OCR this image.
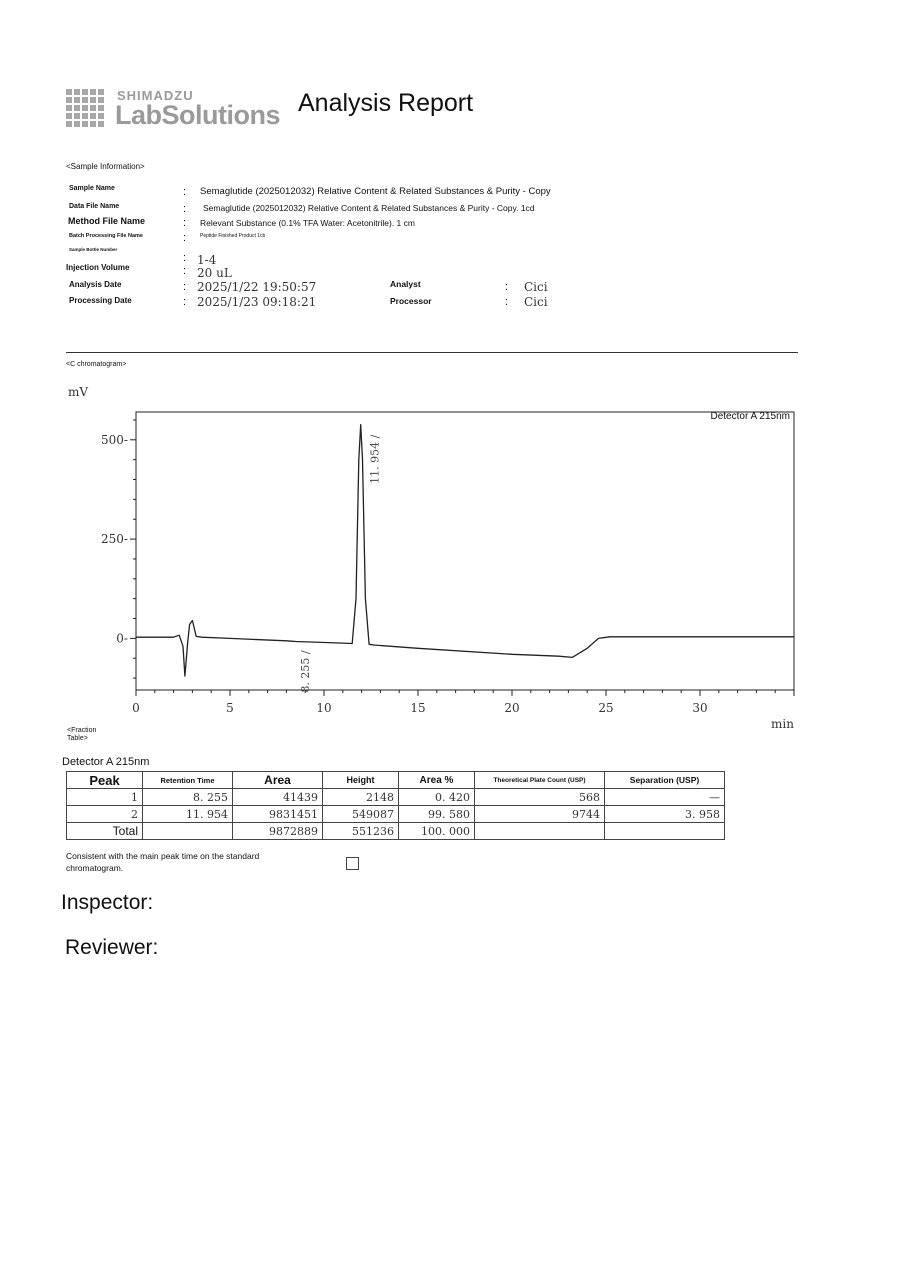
SHIMADZU
LabSolutions Analysis Report
<Sample Information>
Sample Name	: Semaglutide (2025012032) Relative Content & Related Substances & Purity - Copy
Data File Name	: Semaglutide (2025012032) Relative Content & Related Substances & Purity - Copy. 1cd
Method File Name	: Relevant Substance (0.1% TFA Water: Acetonitrile). 1 cm
Batch Processing File Name	:	Peptide Finished Product 1cb
Sample Bottle Number
: 1-4
Injection Volume	: 20 uL
Analysis Date	: 2025/1/22 19:50:57
Processing Date	: 2025/1/23 09:18:21
Analyst	: Cici
Processor	: Cici
<C chromatogram>
0-
250-
500-
0	5	10	15	20	25	30
mV
min
Detector A 215nm
8. 255 /
11. 954 /
<Fraction
Table>
Detector A 215nm
Peak	Retention Time	Area	Height	Area %	Theoretical Plate Count (USP)	Separation (USP)
1	8. 255	41439	2148	0. 420	568	—
2	11. 954	9831451	549087	99. 580	9744	3. 958
Total		9872889	551236	100. 000		
Consistent with the main peak time on the standard chromatogram.
Inspector:
Reviewer:
